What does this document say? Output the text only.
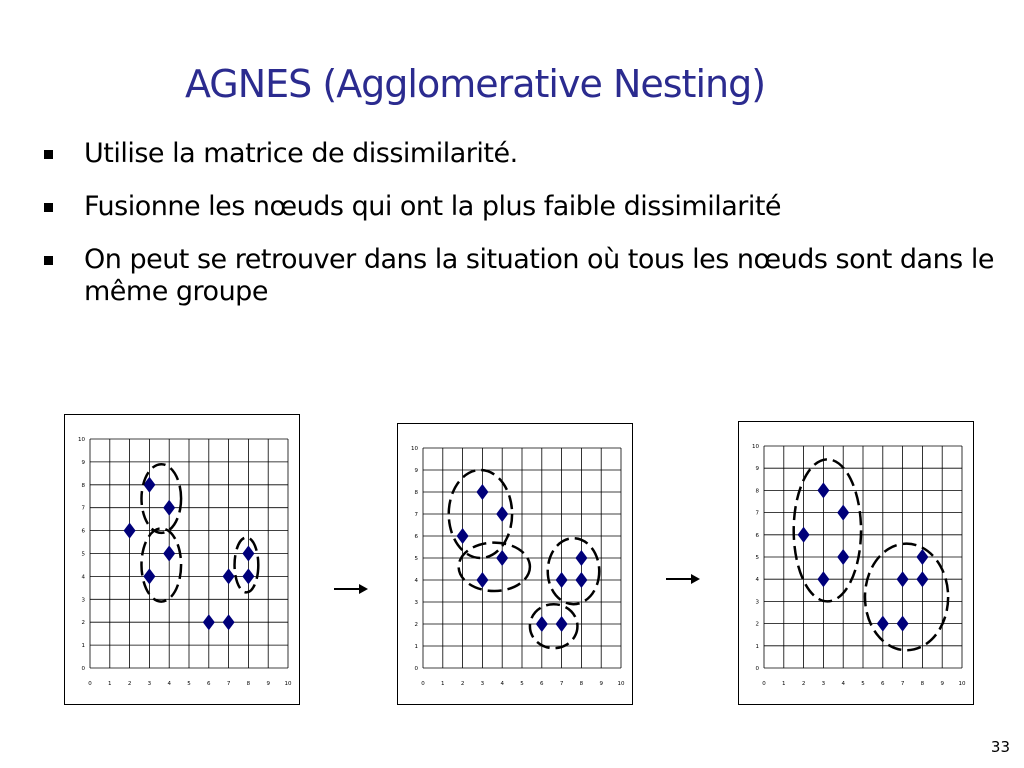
AGNES (Agglomerative Nesting)
Utilise la matrice de dissimilarité.
Fusionne les nœuds qui ont la plus faible dissimilarité
On peut se retrouver dans la situation où tous les nœuds sont dans le même groupe
0	1	2	3	4	5	6	7	8	9	10
0
1
2
3
4
5
6
7
8
9
10
0	1	2	3	4	5	6	7	8	9	10
0
1
2
3
4
5
6
7
8
9
10
0	1	2	3	4	5	6	7	8	9	10
0
1
2
3
4
5
6
7
8
9
10
33
